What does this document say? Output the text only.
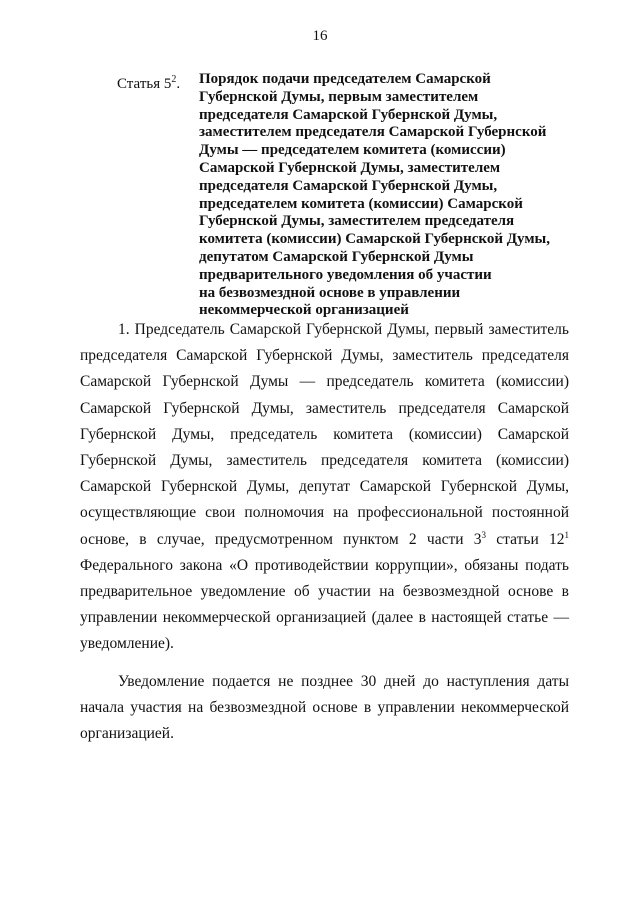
16
Статья $5^2$. Порядок подачи председателем Самарской
Губернской Думы, первым заместителем
председателя Самарской Губернской Думы,
заместителем председателя Самарской Губернской
Думы — председателем комитета (комиссии)
Самарской Губернской Думы, заместителем
председателя Самарской Губернской Думы,
председателем комитета (комиссии) Самарской
Губернской Думы, заместителем председателя
комитета (комиссии) Самарской Губернской Думы,
депутатом Самарской Губернской Думы
предварительного уведомления об участии
на безвозмездной основе в управлении
некоммерческой организацией

1. Председатель Самарской Губернской Думы, первый заместитель председателя Самарской Губернской Думы, заместитель председателя Самарской Губернской Думы — председатель комитета (комиссии) Самарской Губернской Думы, заместитель председателя Самарской Губернской Думы, председатель комитета (комиссии) Самарской Губернской Думы, заместитель председателя комитета (комиссии) Самарской Губернской Думы, депутат Самарской Губернской Думы, осуществляющие свои полномочия на профессиональной постоянной основе, в случае, предусмотренном пунктом 2 части $3^3$ статьи $12^1$ Федерального закона «О противодействии коррупции», обязаны подать предварительное уведомление об участии на безвозмездной основе в управлении некоммерческой организацией (далее в настоящей статье — уведомление).

Уведомление подается не позднее 30 дней до наступления даты начала участия на безвозмездной основе в управлении некоммерческой организацией.
